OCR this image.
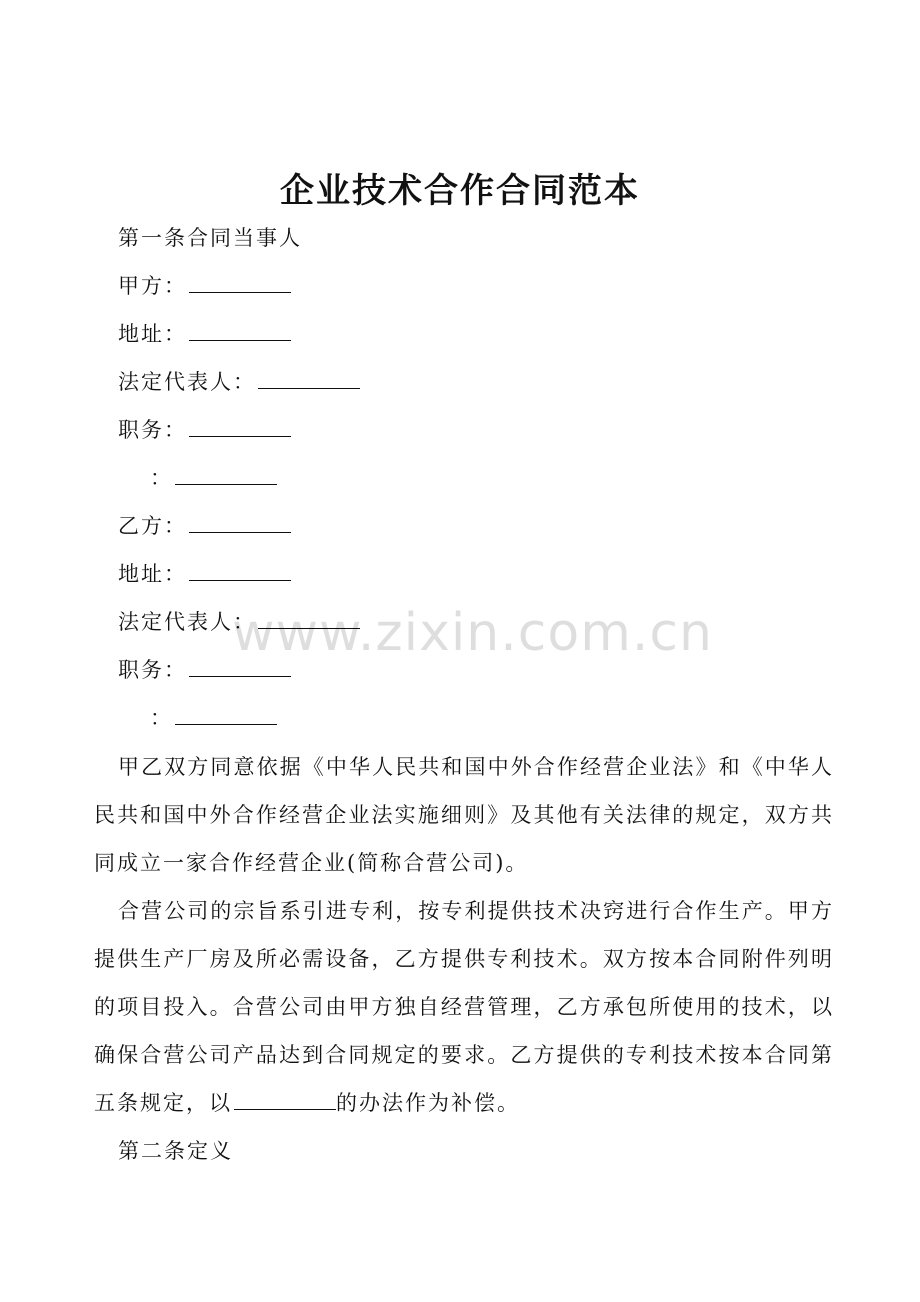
企业技术合作合同范本
第一条合同当事人
甲方：
地址：
法定代表人：
职务：
：
乙方：
地址：
法定代表人：
职务：
：

甲乙双方同意依据《中华人民共和国中外合作经营企业法》和《中华人民共和国中外合作经营企业法实施细则》及其他有关法律的规定，双方共同成立一家合作经营企业(简称合营公司)。

合营公司的宗旨系引进专利，按专利提供技术决窍进行合作生产。甲方提供生产厂房及所必需设备，乙方提供专利技术。双方按本合同附件列明的项目投入。合营公司由甲方独自经营管理，乙方承包所使用的技术，以确保合营公司产品达到合同规定的要求。乙方提供的专利技术按本合同第五条规定，以	的办法作为补偿。

第二条定义
www.zixin.com.cn
